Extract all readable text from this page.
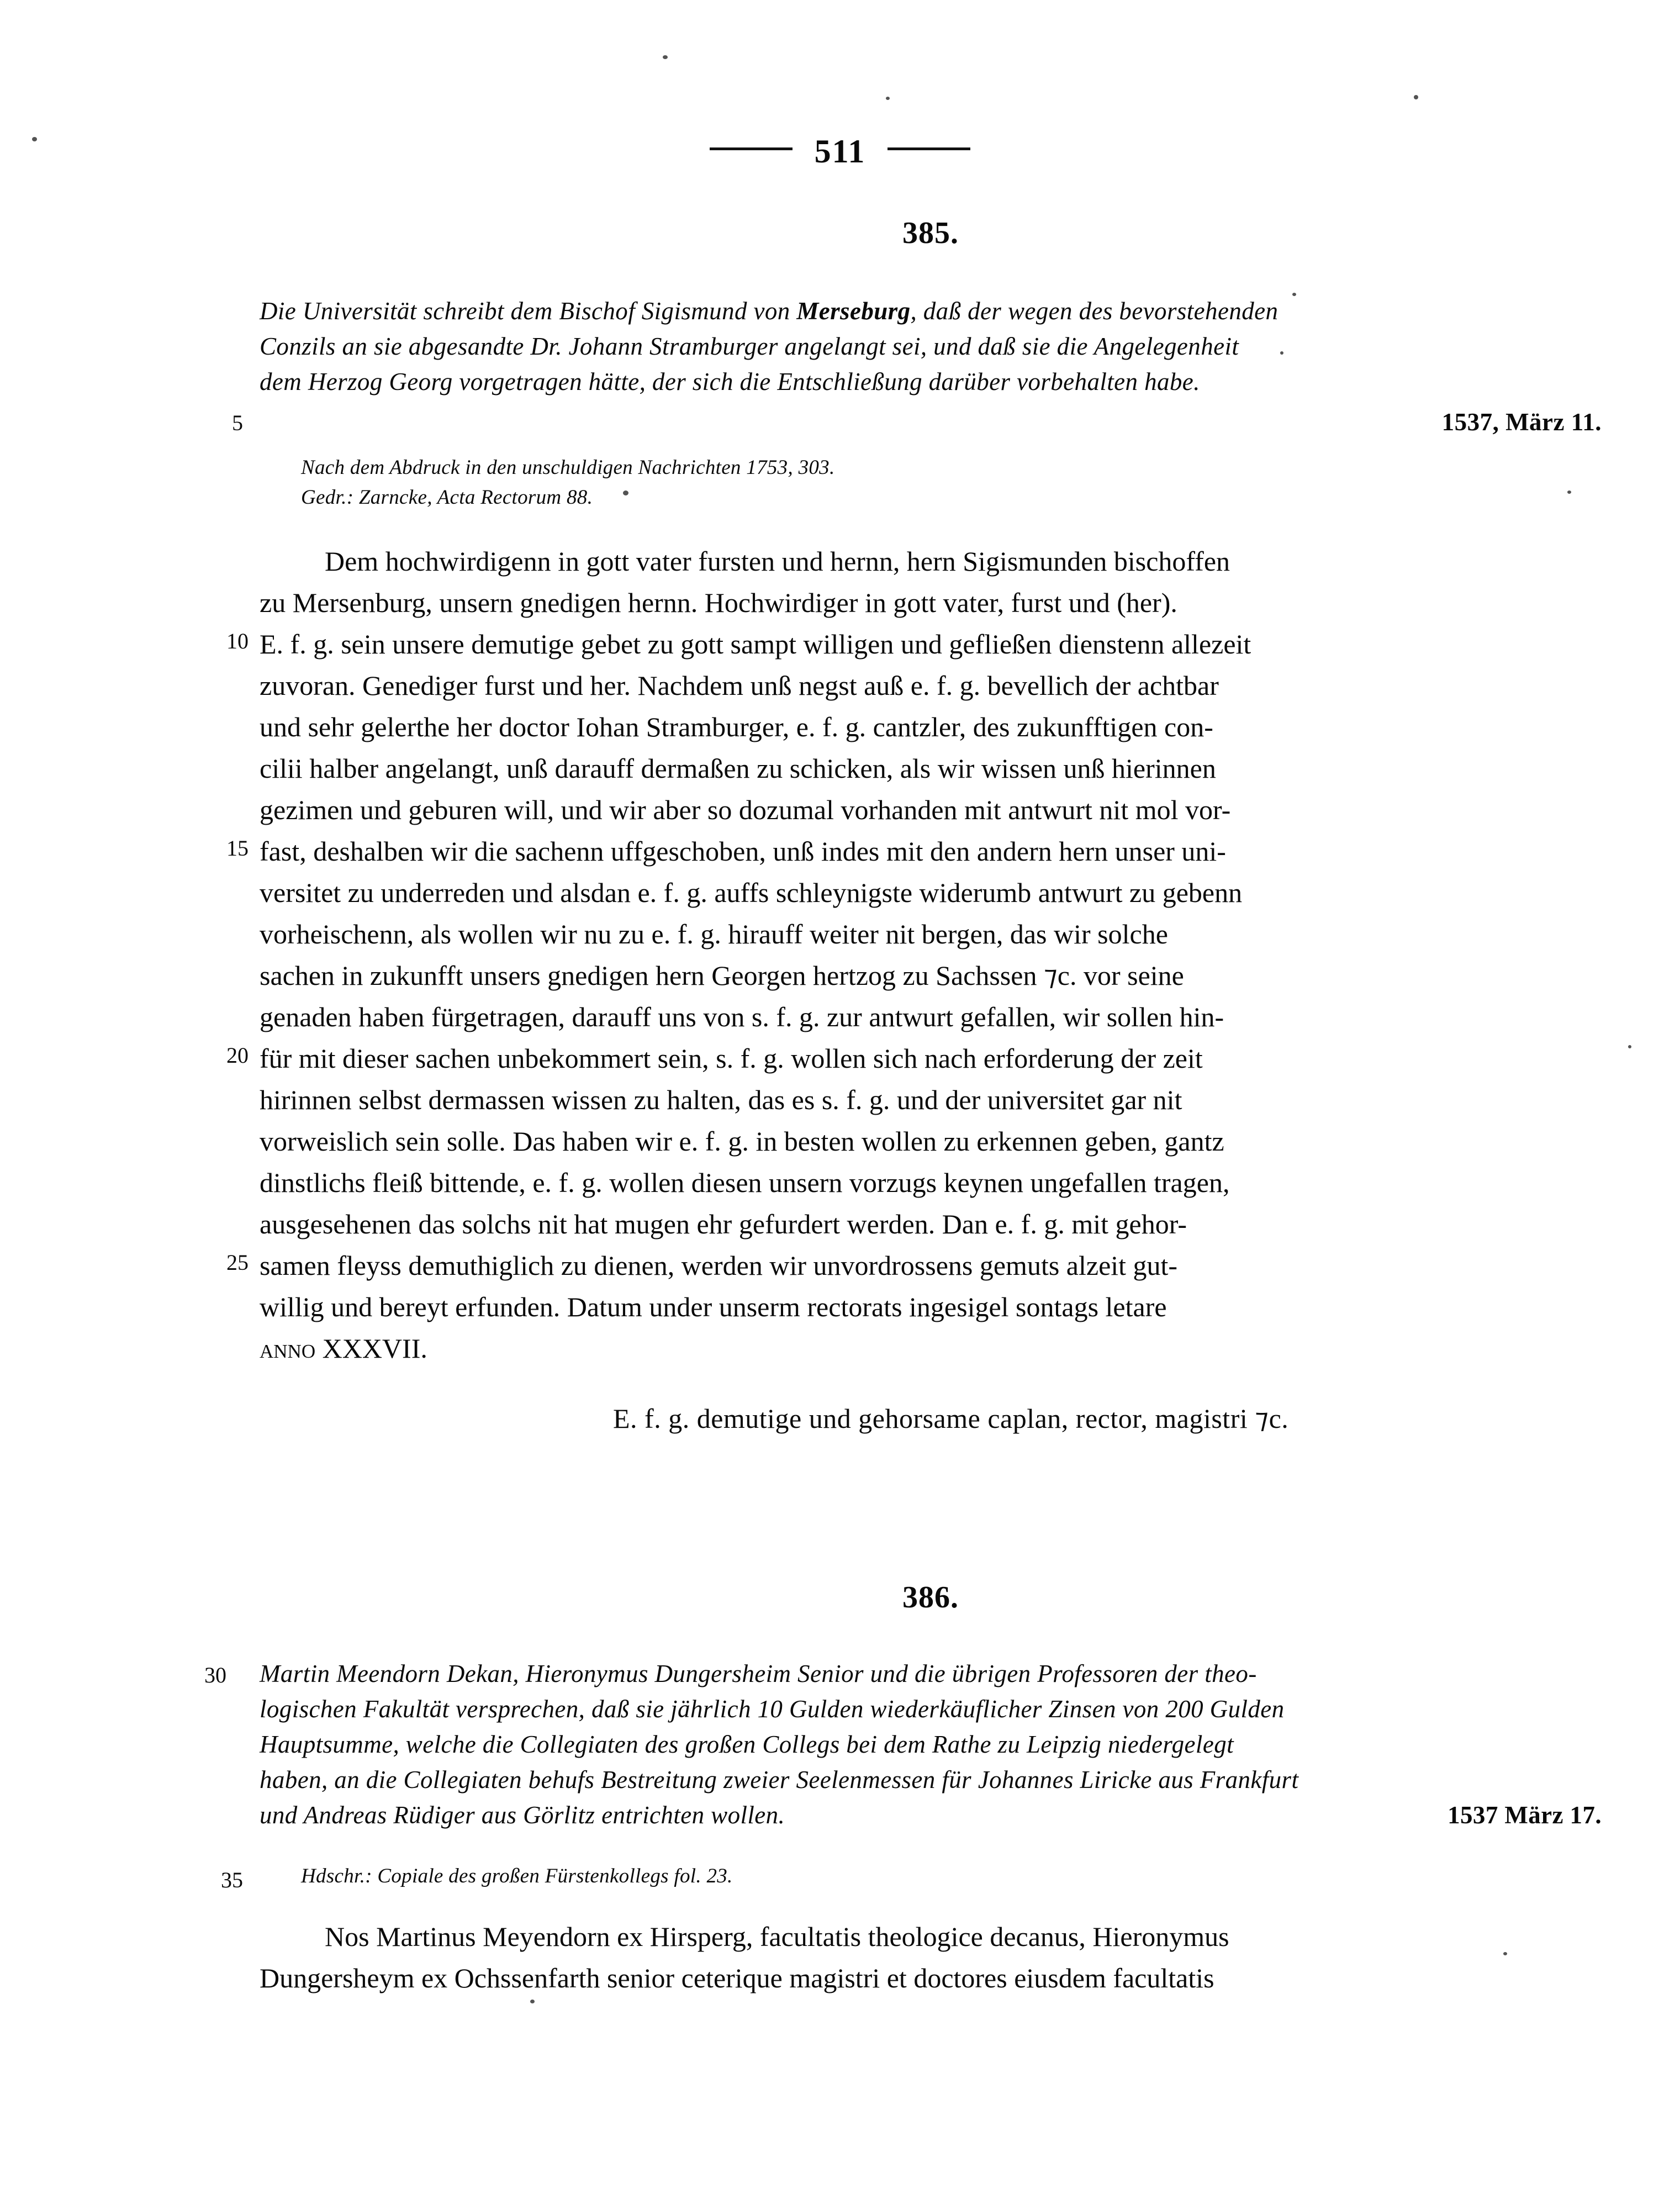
511
385.
Die Universität schreibt dem Bischof Sigismund von Merseburg, daß der wegen des bevorstehenden
Conzils an sie abgesandte Dr. Johann Stramburger angelangt sei, und daß sie die Angelegenheit
dem Herzog Georg vorgetragen hätte, der sich die Entschließung darüber vorbehalten habe.
5	1537, März 11.
Nach dem Abdruck in den unschuldigen Nachrichten 1753, 303.
Gedr.: Zarncke, Acta Rectorum 88.
Dem hochwirdigenn in gott vater fursten und hernn, hern Sigismunden bischoffen
zu Mersenburg, unsern gnedigen hernn. Hochwirdiger in gott vater, furst und (her).
10 E. f. g. sein unsere demutige gebet zu gott sampt willigen und gefließen dienstenn allezeit
zuvoran. Genediger furst und her. Nachdem unß negst auß e. f. g. bevellich der achtbar
und sehr gelerthe her doctor Iohan Stramburger, e. f. g. cantzler, des zukunfftigen con-
cilii halber angelangt, unß darauff dermaßen zu schicken, als wir wissen unß hierinnen
gezimen und geburen will, und wir aber so dozumal vorhanden mit antwurt nit mol vor-
15 fast, deshalben wir die sachenn uffgeschoben, unß indes mit den andern hern unser uni-
versitet zu underreden und alsdan e. f. g. auffs schleynigste widerumb antwurt zu gebenn
vorheischenn, als wollen wir nu zu e. f. g. hirauff weiter nit bergen, das wir solche
sachen in zukunfft unsers gnedigen hern Georgen hertzog zu Sachssen ⁊c. vor seine
genaden haben fürgetragen, darauff uns von s. f. g. zur antwurt gefallen, wir sollen hin-
20 für mit dieser sachen unbekommert sein, s. f. g. wollen sich nach erforderung der zeit
hirinnen selbst dermassen wissen zu halten, das es s. f. g. und der universitet gar nit
vorweislich sein solle. Das haben wir e. f. g. in besten wollen zu erkennen geben, gantz
dinstlichs fleiß bittende, e. f. g. wollen diesen unsern vorzugs keynen ungefallen tragen,
ausgesehenen das solchs nit hat mugen ehr gefurdert werden. Dan e. f. g. mit gehor-
25 samen fleyss demuthiglich zu dienen, werden wir unvordrossens gemuts alzeit gut-
willig und bereyt erfunden. Datum under unserm rectorats ingesigel sontags letare
anno XXXVII.
E. f. g. demutige und gehorsame caplan, rector, magistri ⁊c.
386.
30	Martin Meendorn Dekan, Hieronymus Dungersheim Senior und die übrigen Professoren der theo-
logischen Fakultät versprechen, daß sie jährlich 10 Gulden wiederkäuflicher Zinsen von 200 Gulden
Hauptsumme, welche die Collegiaten des großen Collegs bei dem Rathe zu Leipzig niedergelegt
haben, an die Collegiaten behufs Bestreitung zweier Seelenmessen für Johannes Liricke aus Frankfurt
und Andreas Rüdiger aus Görlitz entrichten wollen.	1537 März 17.
35	Hdschr.: Copiale des großen Fürstenkollegs fol. 23.
Nos Martinus Meyendorn ex Hirsperg, facultatis theologice decanus, Hieronymus
Dungersheym ex Ochssenfarth senior ceterique magistri et doctores eiusdem facultatis
